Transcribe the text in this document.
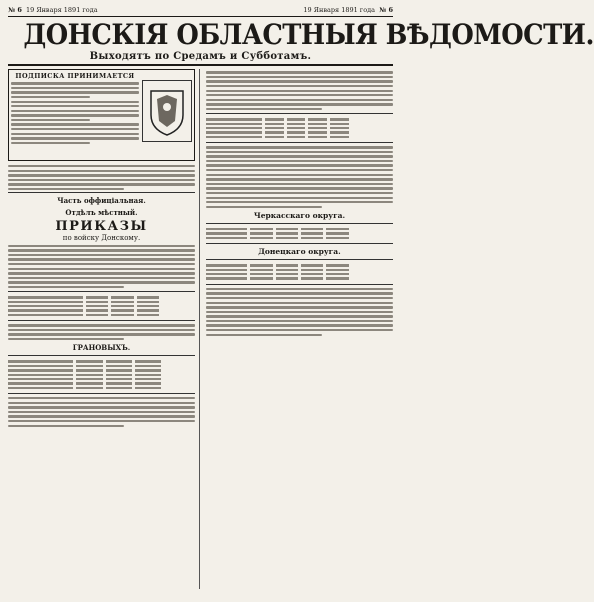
№ 6 19 Января 1891 года	19 Января 1891 года № 6
ДОНСКІЯ ОБЛАСТНЫЯ ВѢДОМОСТИ.
Выходятъ по Средамъ и Субботамъ.
ПОДПИСКА ПРИНИМАЕТСЯ
Часть оффиціальная.
Отдѣлъ мѣстный.
ПРИКАЗЫ
по войску Донскому.
ГРАНОВЫХЪ.
Черкасскаго округа.
Донецкаго округа.
